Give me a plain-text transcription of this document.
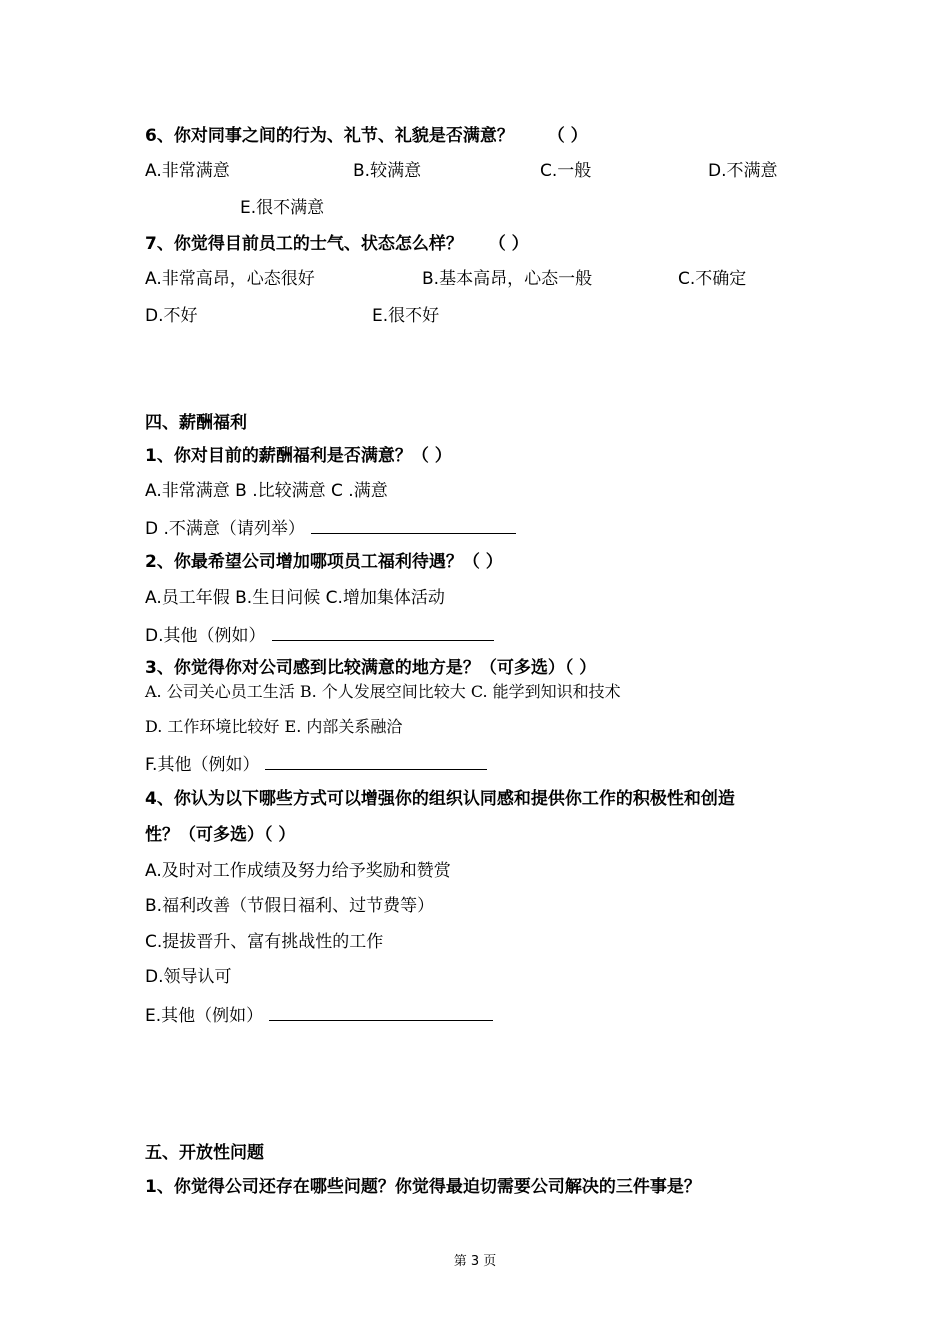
6、你对同事之间的行为、礼节、礼貌是否满意？ （ ）
A.非常满意	B.较满意	C.一般	D.不满意
E.很不满意
7、你觉得目前员工的士气、状态怎么样？ （ ）
A.非常高昂，心态很好	B.基本高昂，心态一般	C.不确定
D.不好	E.很不好
四、薪酬福利
1、你对目前的薪酬福利是否满意？（ ）
A.非常满意 B .比较满意 C .满意
D .不满意（请列举）
2、你最希望公司增加哪项员工福利待遇？（ ）
A.员工年假 B.生日问候 C.增加集体活动
D.其他（例如）
3、你觉得你对公司感到比较满意的地方是？（可多选）（ ）
A. 公司关心员工生活 B. 个人发展空间比较大 C. 能学到知识和技术
D. 工作环境比较好 E. 内部关系融洽
F.其他（例如）
4、你认为以下哪些方式可以增强你的组织认同感和提供你工作的积极性和创造
性？（可多选）（ ）
A.及时对工作成绩及努力给予奖励和赞赏
B.福利改善（节假日福利、过节费等）
C.提拔晋升、富有挑战性的工作
D.领导认可
E.其他（例如）
五、开放性问题
1、你觉得公司还存在哪些问题？你觉得最迫切需要公司解决的三件事是？
第 3 页
